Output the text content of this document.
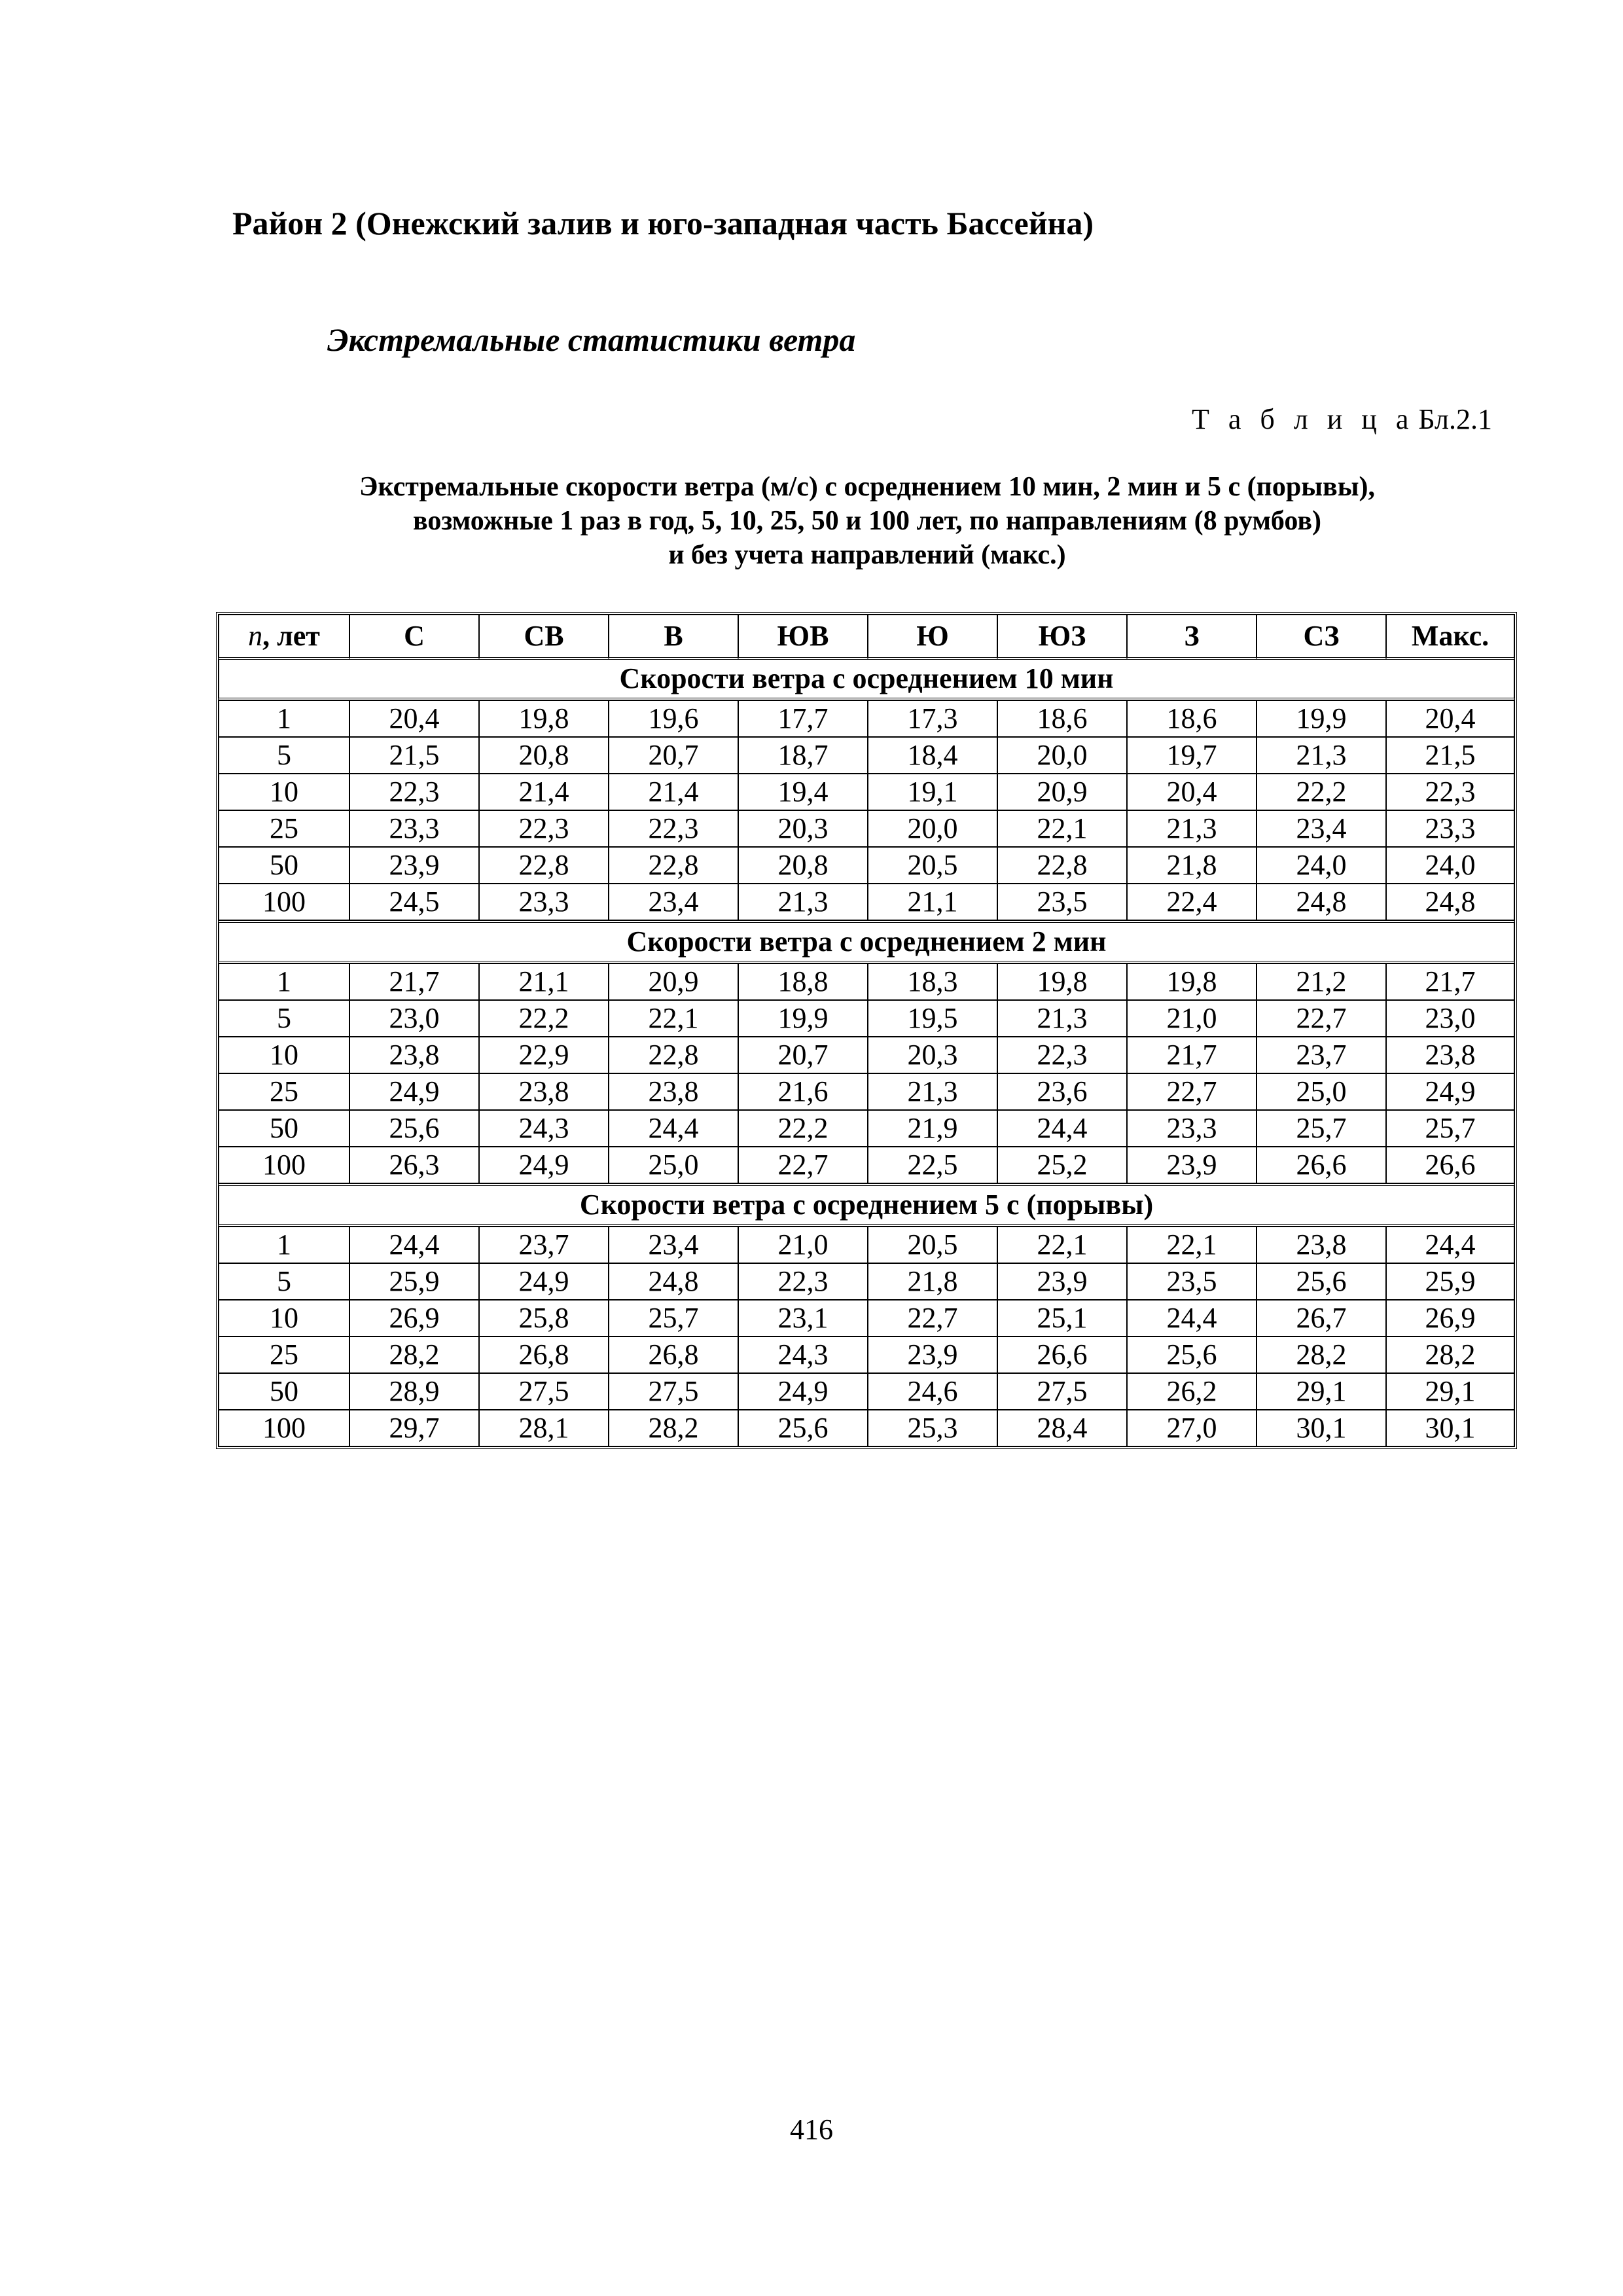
Район 2 (Онежский залив и юго-западная часть Бассейна)
Экстремальные статистики ветра
Т а б л и ц а Бл.2.1
Экстремальные скорости ветра (м/с) с осреднением 10 мин, 2 мин и 5 с (порывы),
возможные 1 раз в год, 5, 10, 25, 50 и 100 лет, по направлениям (8 румбов)
и без учета направлений (макс.)
n, лет	С	СВ	В	ЮВ	Ю	ЮЗ	З	СЗ	Макс.
Скорости ветра с осреднением 10 мин									
1	20,4	19,8	19,6	17,7	17,3	18,6	18,6	19,9	20,4
5	21,5	20,8	20,7	18,7	18,4	20,0	19,7	21,3	21,5
10	22,3	21,4	21,4	19,4	19,1	20,9	20,4	22,2	22,3
25	23,3	22,3	22,3	20,3	20,0	22,1	21,3	23,4	23,3
50	23,9	22,8	22,8	20,8	20,5	22,8	21,8	24,0	24,0
100	24,5	23,3	23,4	21,3	21,1	23,5	22,4	24,8	24,8
Скорости ветра с осреднением 2 мин									
1	21,7	21,1	20,9	18,8	18,3	19,8	19,8	21,2	21,7
5	23,0	22,2	22,1	19,9	19,5	21,3	21,0	22,7	23,0
10	23,8	22,9	22,8	20,7	20,3	22,3	21,7	23,7	23,8
25	24,9	23,8	23,8	21,6	21,3	23,6	22,7	25,0	24,9
50	25,6	24,3	24,4	22,2	21,9	24,4	23,3	25,7	25,7
100	26,3	24,9	25,0	22,7	22,5	25,2	23,9	26,6	26,6
Скорости ветра с осреднением 5 с (порывы)									
1	24,4	23,7	23,4	21,0	20,5	22,1	22,1	23,8	24,4
5	25,9	24,9	24,8	22,3	21,8	23,9	23,5	25,6	25,9
10	26,9	25,8	25,7	23,1	22,7	25,1	24,4	26,7	26,9
25	28,2	26,8	26,8	24,3	23,9	26,6	25,6	28,2	28,2
50	28,9	27,5	27,5	24,9	24,6	27,5	26,2	29,1	29,1
100	29,7	28,1	28,2	25,6	25,3	28,4	27,0	30,1	30,1
416
